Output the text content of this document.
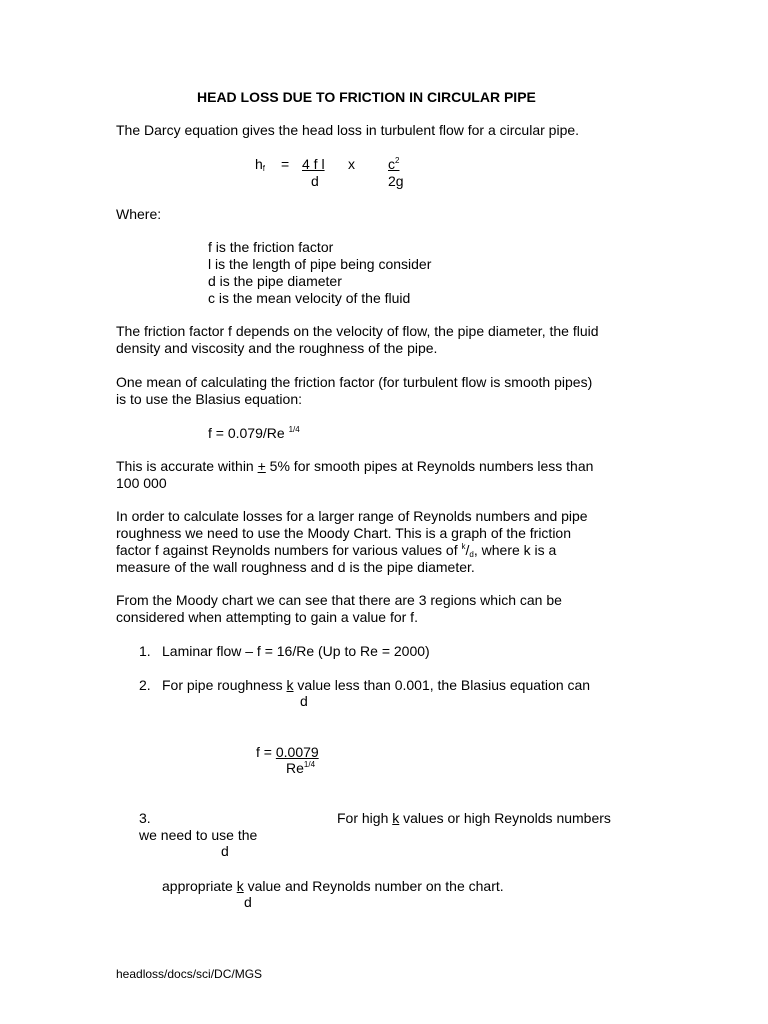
HEAD LOSS DUE TO FRICTION IN CIRCULAR PIPE
The Darcy equation gives the head loss in turbulent flow for a circular pipe.
$h_f = 4$ f l x $c^2$
d	2g
Where:
f is the friction factor
l is the length of pipe being consider
d is the pipe diameter
c is the mean velocity of the fluid
The friction factor f depends on the velocity of flow, the pipe diameter, the fluid
density and viscosity and the roughness of the pipe.
One mean of calculating the friction factor (for turbulent flow is smooth pipes)
is to use the Blasius equation:
f = 0.079/Re $^{1/4}$
This is accurate within + 5% for smooth pipes at Reynolds numbers less than
100 000
In order to calculate losses for a larger range of Reynolds numbers and pipe
roughness we need to use the Moody Chart. This is a graph of the friction
factor f against Reynolds numbers for various values of $^k/_d$, where k is a
measure of the wall roughness and d is the pipe diameter.
From the Moody chart we can see that there are 3 regions which can be
considered when attempting to gain a value for f.
1. Laminar flow – f = 16/Re (Up to Re = 2000)
2. For pipe roughness k value less than 0.001, the Blasius equation can
d
f = 0.0079
$Re^{1/4}$
3.	For high k values or high Reynolds numbers
we need to use the
d
appropriate k value and Reynolds number on the chart.
d
headloss/docs/sci/DC/MGS
